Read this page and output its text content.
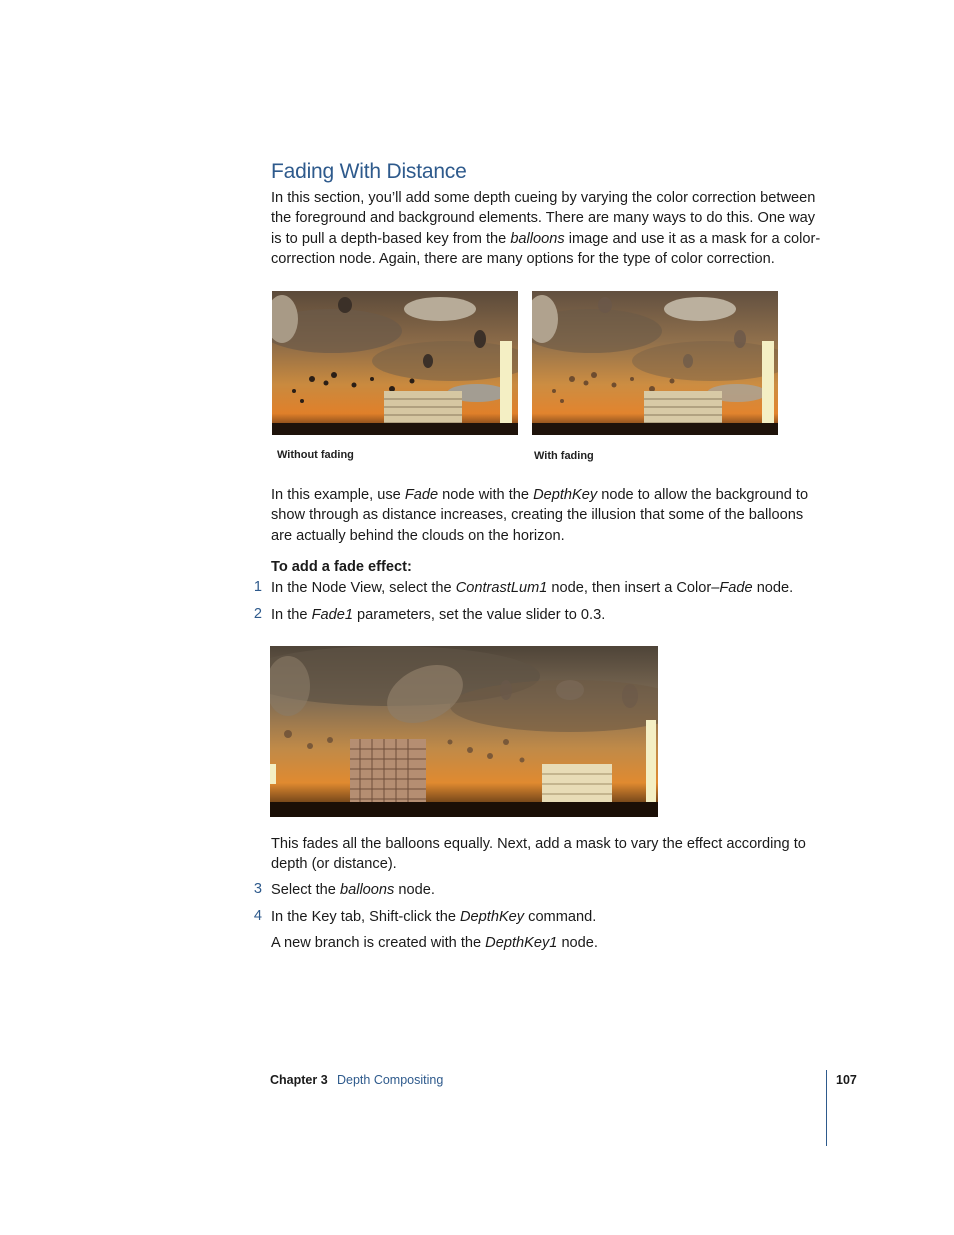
Fading With Distance

In this section, you’ll add some depth cueing by varying the color correction between the foreground and background elements. There are many ways to do this. One way is to pull a depth-based key from the balloons image and use it as a mask for a color-correction node. Again, there are many options for the type of color correction.

Without fading	With fading

In this example, use Fade node with the DepthKey node to allow the background to show through as distance increases, creating the illusion that some of the balloons are actually behind the clouds on the horizon.

To add a fade effect:
1 In the Node View, select the ContrastLum1 node, then insert a Color–Fade node.
2 In the Fade1 parameters, set the value slider to 0.3.

This fades all the balloons equally. Next, add a mask to vary the effect according to depth (or distance).

3 Select the balloons node.
4 In the Key tab, Shift-click the DepthKey command.
A new branch is created with the DepthKey1 node.
Chapter 3 Depth Compositing	107
